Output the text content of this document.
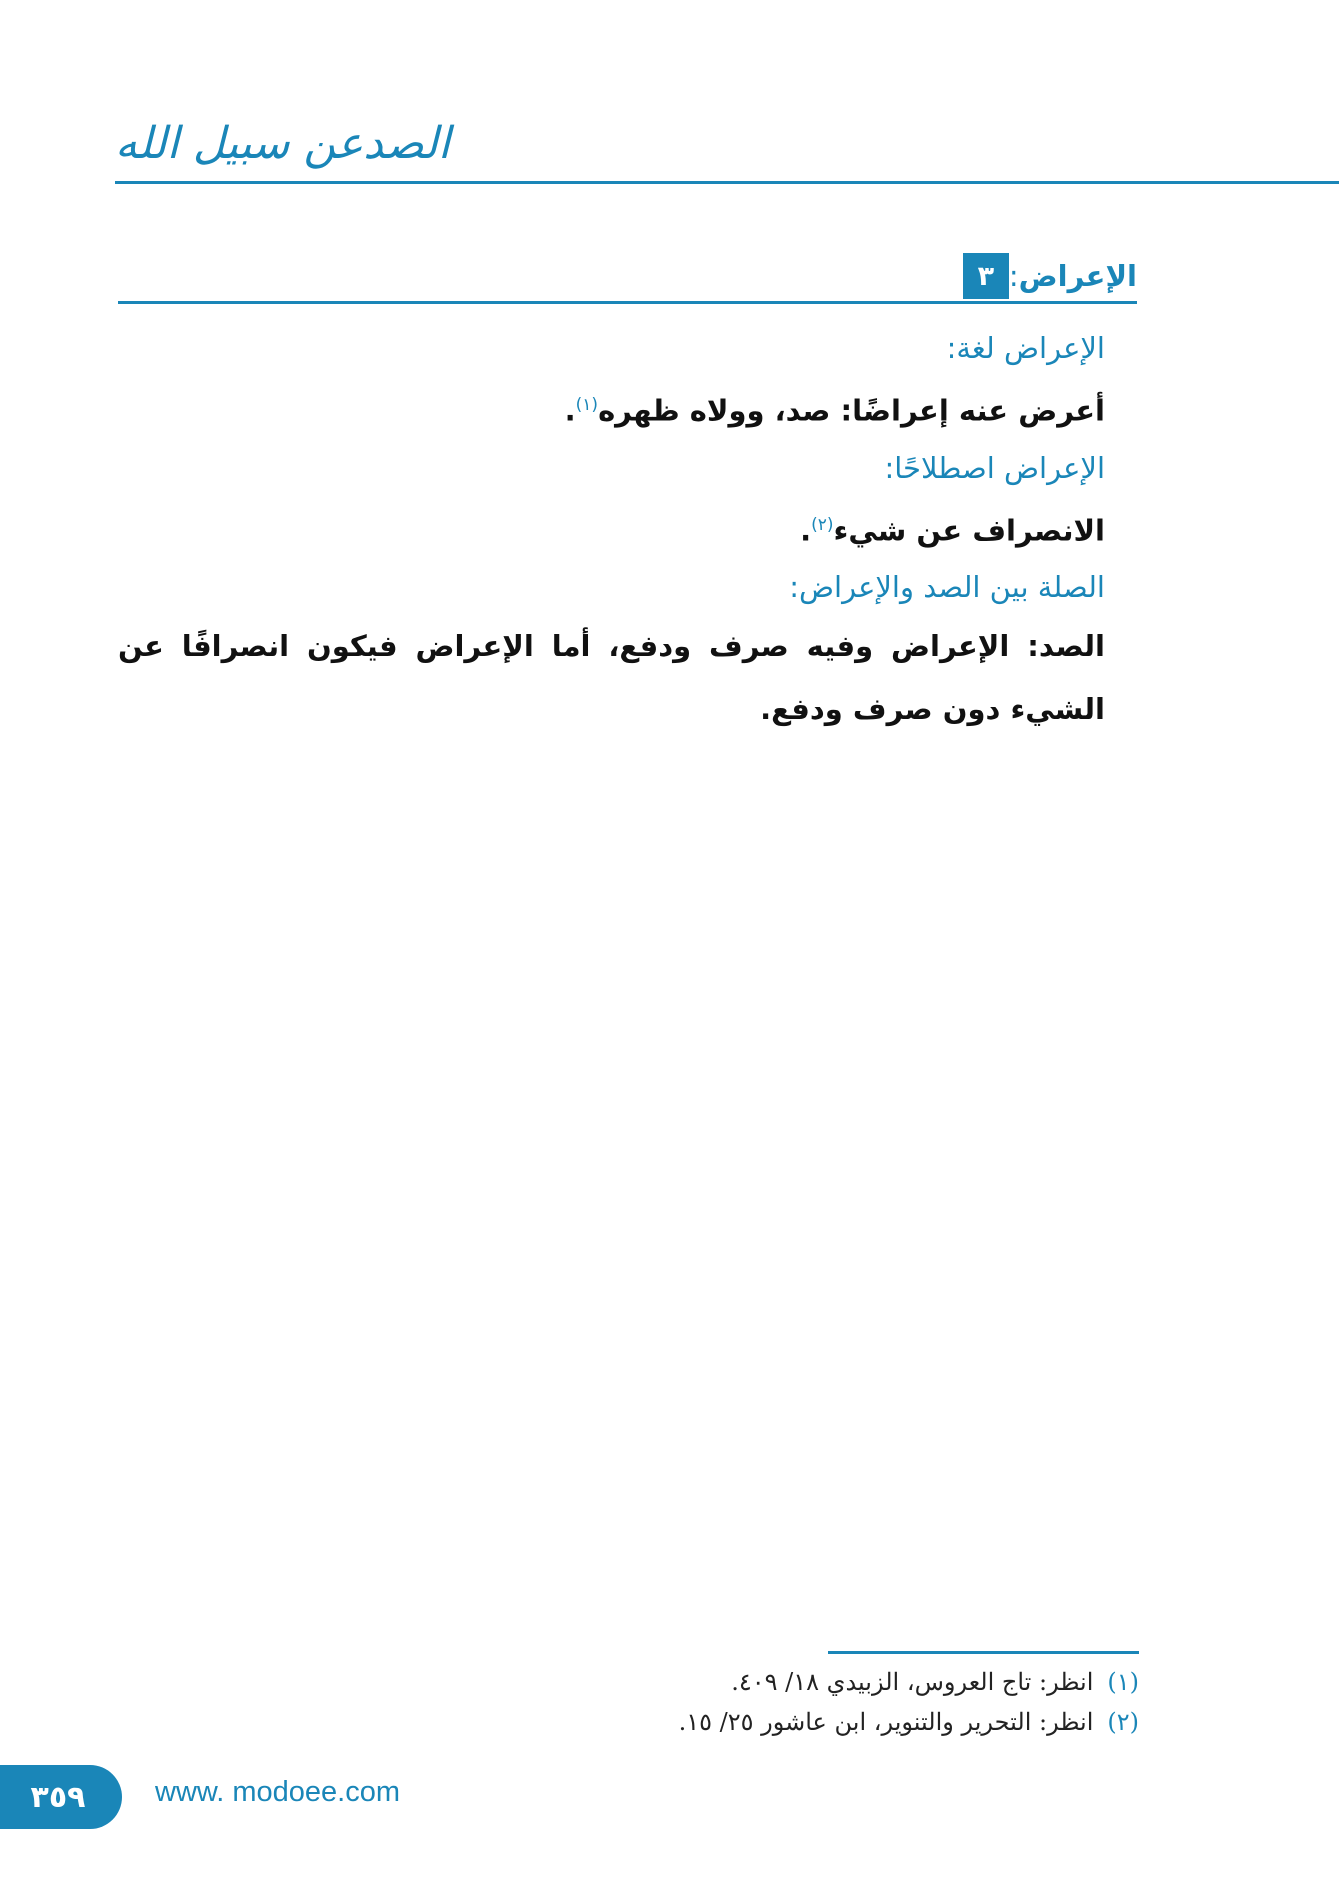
الصدعن سبيل الله
٣ الإعراض:
الإعراض لغة:
أعرض عنه إعراضًا: صد، وولاه ظهره$^{(١)}$.
الإعراض اصطلاحًا:
الانصراف عن شيء$^{(٢)}$.
الصلة بين الصد والإعراض:
الصد: الإعراض وفيه صرف ودفع، أما الإعراض فيكون انصرافًا عن الشيء دون صرف ودفع.
(١)انظر: تاج العروس، الزبيدي ١٨/ ٤٠٩.
(٢)انظر: التحرير والتنوير، ابن عاشور ٢٥/ ١٥.
٣٥٩ www. modoee.com
